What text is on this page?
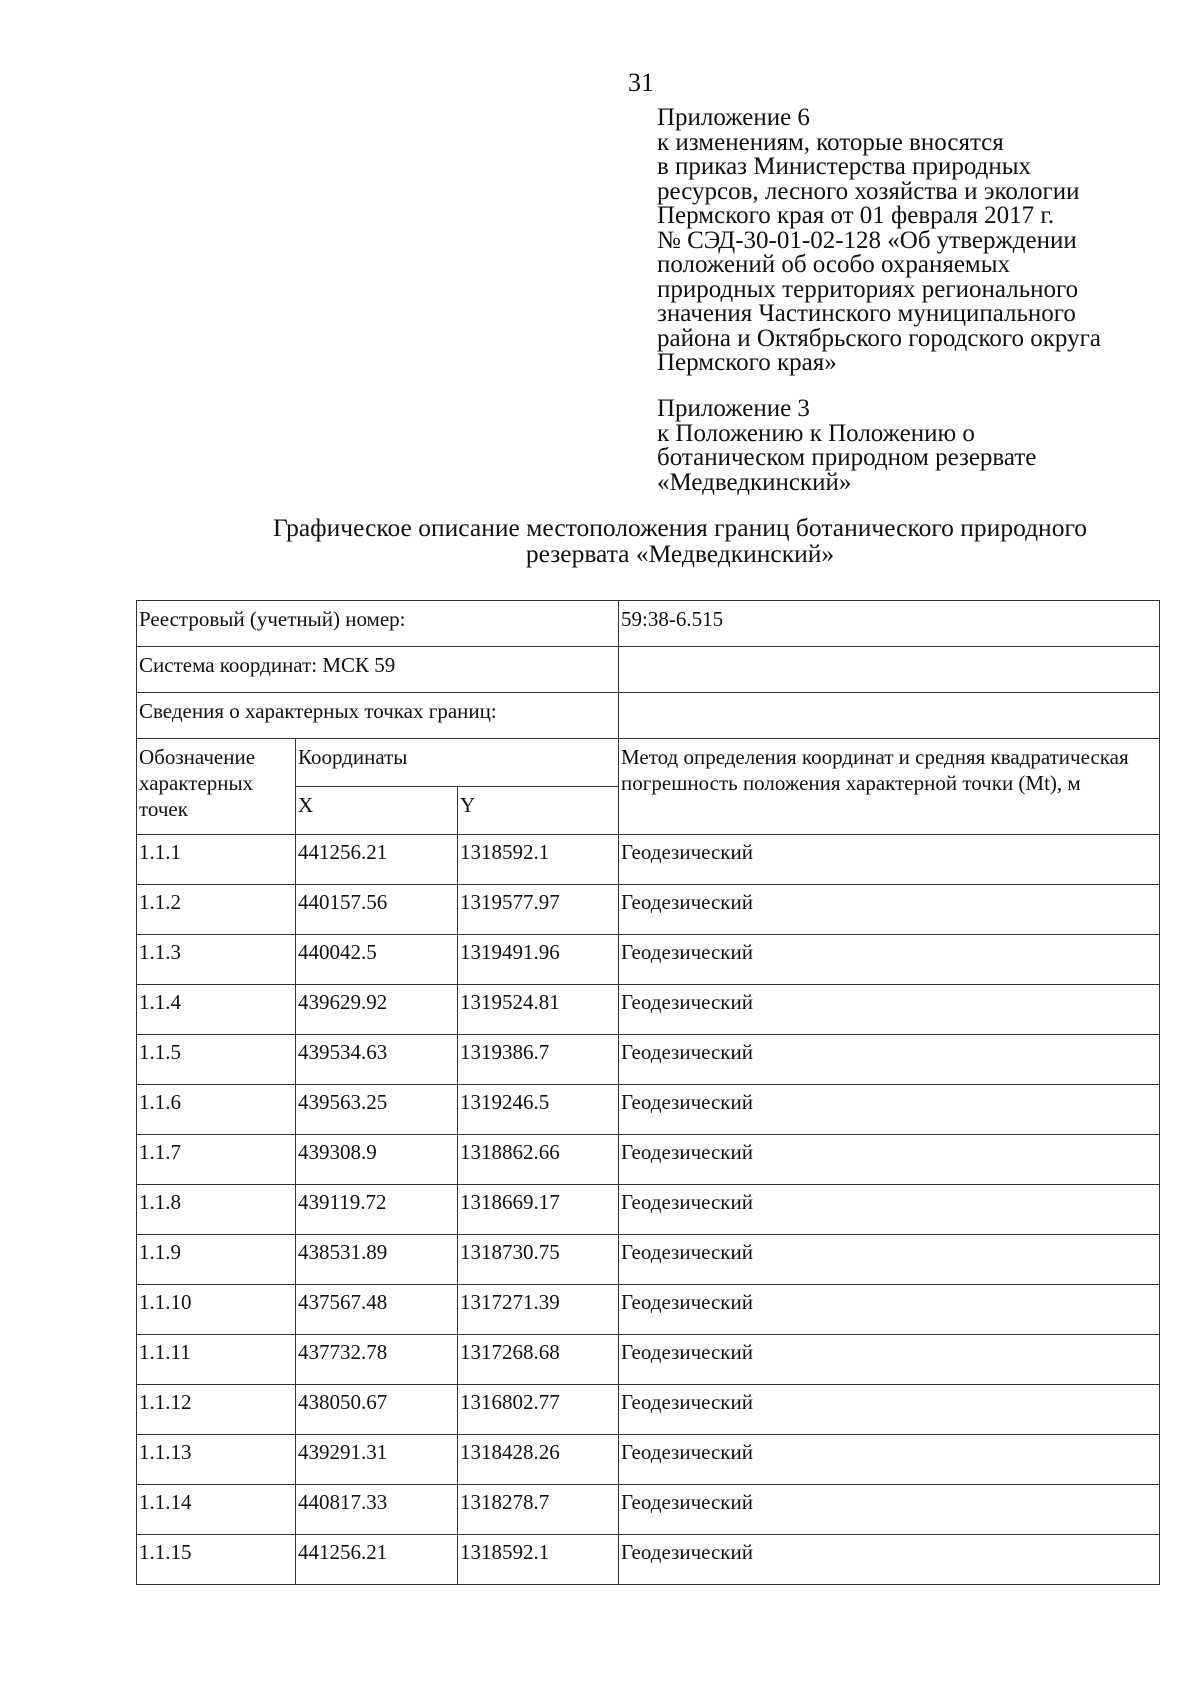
31
Приложение 6
к изменениям, которые вносятся
в приказ Министерства природных
ресурсов, лесного хозяйства и экологии
Пермского края от 01 февраля 2017 г.
№ СЭД-30-01-02-128 «Об утверждении
положений об особо охраняемых
природных территориях регионального
значения Частинского муниципального
района и Октябрьского городского округа
Пермского края»
Приложение 3
к Положению к Положению о
ботаническом природном резервате
«Медведкинский»
Графическое описание местоположения границ ботанического природного
резервата «Медведкинский»
Реестровый (учетный) номер:			59:38-6.515
Система координат: МСК 59			
Сведения о характерных точках границ:			
Обозначение характерных точек	Координаты		Метод определения координат и средняя квадратическая погрешность положения характерной точки (Mt), м
	X	Y	
1.1.1	441256.21	1318592.1	Геодезический
1.1.2	440157.56	1319577.97	Геодезический
1.1.3	440042.5	1319491.96	Геодезический
1.1.4	439629.92	1319524.81	Геодезический
1.1.5	439534.63	1319386.7	Геодезический
1.1.6	439563.25	1319246.5	Геодезический
1.1.7	439308.9	1318862.66	Геодезический
1.1.8	439119.72	1318669.17	Геодезический
1.1.9	438531.89	1318730.75	Геодезический
1.1.10	437567.48	1317271.39	Геодезический
1.1.11	437732.78	1317268.68	Геодезический
1.1.12	438050.67	1316802.77	Геодезический
1.1.13	439291.31	1318428.26	Геодезический
1.1.14	440817.33	1318278.7	Геодезический
1.1.15	441256.21	1318592.1	Геодезический
